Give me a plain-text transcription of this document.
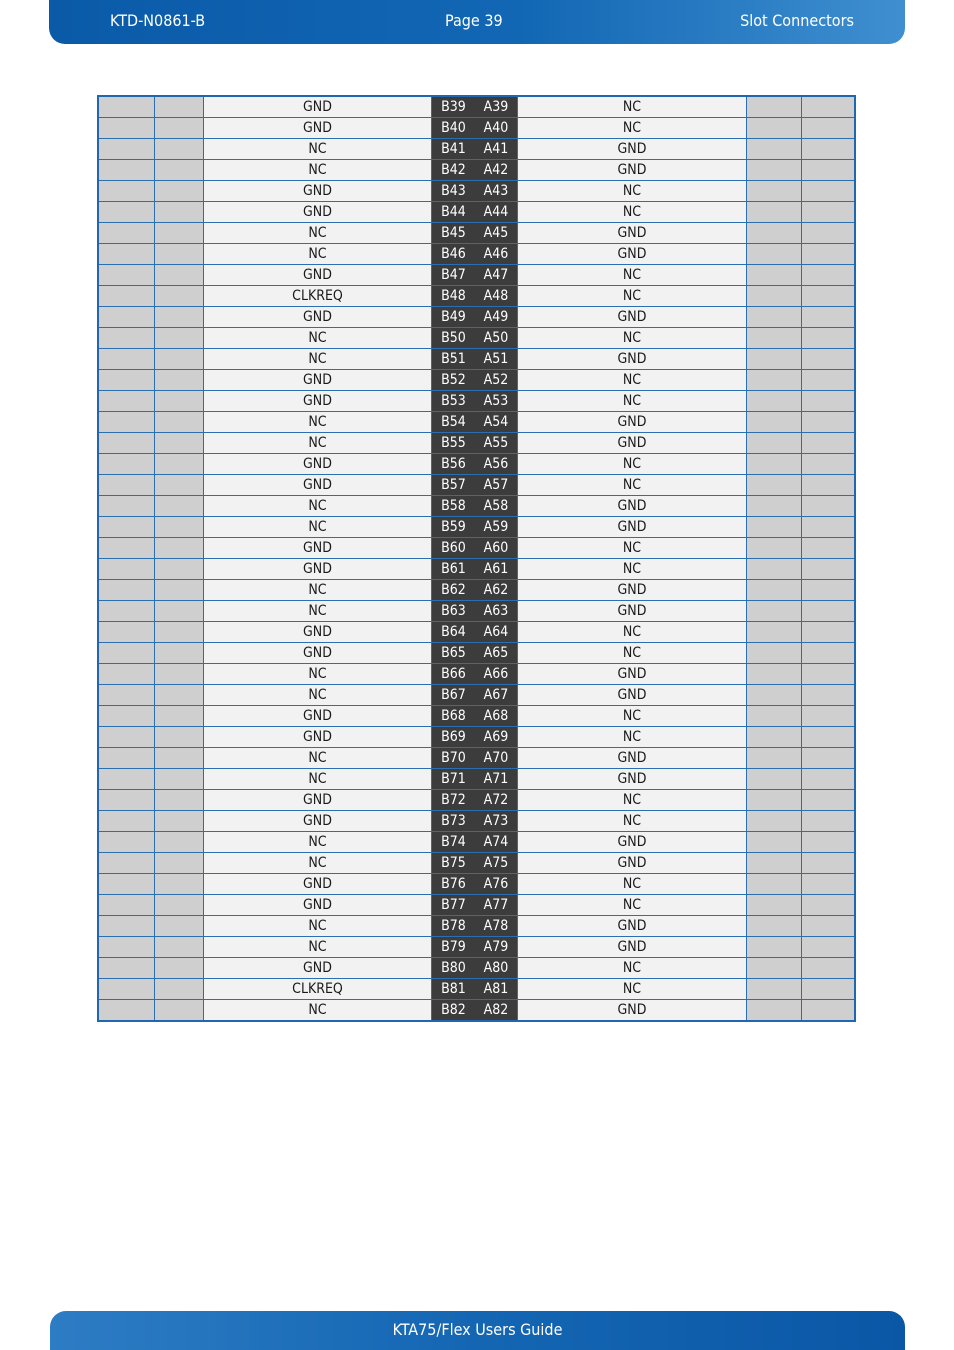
KTD-N0861-B	Page 39	Slot Connectors
		GND	B39	A39	NC		
		GND	B40	A40	NC		
		NC	B41	A41	GND		
		NC	B42	A42	GND		
		GND	B43	A43	NC		
		GND	B44	A44	NC		
		NC	B45	A45	GND		
		NC	B46	A46	GND		
		GND	B47	A47	NC		
		CLKREQ	B48	A48	NC		
		GND	B49	A49	GND		
		NC	B50	A50	NC		
		NC	B51	A51	GND		
		GND	B52	A52	NC		
		GND	B53	A53	NC		
		NC	B54	A54	GND		
		NC	B55	A55	GND		
		GND	B56	A56	NC		
		GND	B57	A57	NC		
		NC	B58	A58	GND		
		NC	B59	A59	GND		
		GND	B60	A60	NC		
		GND	B61	A61	NC		
		NC	B62	A62	GND		
		NC	B63	A63	GND		
		GND	B64	A64	NC		
		GND	B65	A65	NC		
		NC	B66	A66	GND		
		NC	B67	A67	GND		
		GND	B68	A68	NC		
		GND	B69	A69	NC		
		NC	B70	A70	GND		
		NC	B71	A71	GND		
		GND	B72	A72	NC		
		GND	B73	A73	NC		
		NC	B74	A74	GND		
		NC	B75	A75	GND		
		GND	B76	A76	NC		
		GND	B77	A77	NC		
		NC	B78	A78	GND		
		NC	B79	A79	GND		
		GND	B80	A80	NC		
		CLKREQ	B81	A81	NC		
		NC	B82	A82	GND		
KTA75/Flex Users Guide
